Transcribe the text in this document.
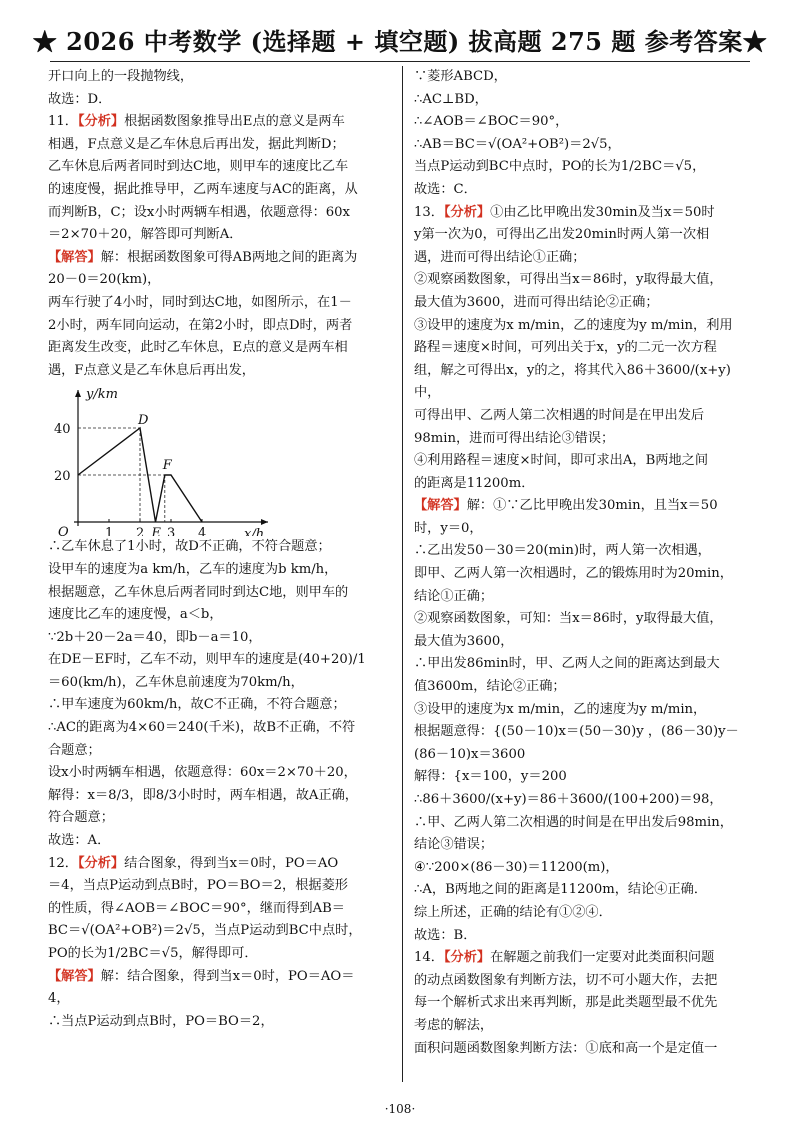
★ 2026 中考数学 (选择题 + 填空题) 拔高题 275 题 参考答案★

开口向上的一段抛物线，

故选：D．

11．【分析】根据函数图象推导出E点的意义是两车

相遇，F点意义是乙车休息后再出发，据此判断D；

乙车休息后两者同时到达C地，则甲车的速度比乙车

的速度慢，据此推导甲，乙两车速度与AC的距离，从

而判断B，C；设x小时两辆车相遇，依题意得：60x

＝2×70＋20，解答即可判断A．

【解答】解：根据函数图象可得AB两地之间的距离为

20－0＝20(km)，

两车行驶了4小时，同时到达C地，如图所示，在1－

2小时，两车同向运动，在第2小时，即点D时，两者

距离发生改变，此时乙车休息，E点的意义是两车相

遇，F点意义是乙车休息后再出发，

y/km
x/h
O
40
20
1 2 E 3 4
D
F

∴乙车休息了1小时，故D不正确，不符合题意；

设甲车的速度为a km/h，乙车的速度为b km/h，

根据题意，乙车休息后两者同时到达C地，则甲车的

速度比乙车的速度慢，a＜b，

∵2b＋20－2a＝40，即b－a＝10，

在DE－EF时，乙车不动，则甲车的速度是(40+20)/1

＝60(km/h)，乙车休息前速度为70km/h，

∴甲车速度为60km/h，故C不正确，不符合题意；

∴AC的距离为4×60＝240(千米)，故B不正确，不符

合题意；

设x小时两辆车相遇，依题意得：60x＝2×70＋20，

解得：x＝8/3，即8/3小时时，两车相遇，故A正确，

符合题意；

故选：A．

12．【分析】结合图象，得到当x＝0时，PO＝AO

＝4，当点P运动到点B时，PO＝BO＝2，根据菱形

的性质，得∠AOB＝∠BOC＝90°，继而得到AB＝

BC＝√(OA²+OB²)＝2√5，当点P运动到BC中点时，

PO的长为1/2BC＝√5，解得即可．

【解答】解：结合图象，得到当x＝0时，PO＝AO＝

4，

∴当点P运动到点B时，PO＝BO＝2，

∵菱形ABCD，

∴AC⊥BD，

∴∠AOB＝∠BOC＝90°，

∴AB＝BC＝√(OA²+OB²)＝2√5，

当点P运动到BC中点时，PO的长为1/2BC＝√5，

故选：C．

13．【分析】①由乙比甲晚出发30min及当x＝50时

y第一次为0，可得出乙出发20min时两人第一次相

遇，进而可得出结论①正确；

②观察函数图象，可得出当x＝86时，y取得最大值，

最大值为3600，进而可得出结论②正确；

③设甲的速度为x m/min，乙的速度为y m/min，利用

路程＝速度×时间，可列出关于x，y的二元一次方程

组，解之可得出x，y的之，将其代入86＋3600/(x+y)中，

可得出甲、乙两人第二次相遇的时间是在甲出发后

98min，进而可得出结论③错误；

④利用路程＝速度×时间，即可求出A，B两地之间

的距离是11200m．

【解答】解：①∵乙比甲晚出发30min，且当x＝50

时，y＝0，

∴乙出发50－30＝20(min)时，两人第一次相遇，

即甲、乙两人第一次相遇时，乙的锻炼用时为20min，

结论①正确；

②观察函数图象，可知：当x＝86时，y取得最大值，

最大值为3600，

∴甲出发86min时，甲、乙两人之间的距离达到最大

值3600m，结论②正确；

③设甲的速度为x m/min，乙的速度为y m/min，

根据题意得：{(50－10)x＝(50－30)y ，(86－30)y－(86－10)x＝3600

解得：{x＝100，y＝200

∴86＋3600/(x+y)＝86＋3600/(100+200)＝98，

∴甲、乙两人第二次相遇的时间是在甲出发后98min，

结论③错误；

④∵200×(86－30)＝11200(m)，

∴A，B两地之间的距离是11200m，结论④正确．

综上所述，正确的结论有①②④．

故选：B．

14．【分析】在解题之前我们一定要对此类面积问题

的动点函数图象有判断方法，切不可小题大作，去把

每一个解析式求出来再判断，那是此类题型最不优先

考虑的解法，

面积问题函数图象判断方法：①底和高一个是定值一

·108·
